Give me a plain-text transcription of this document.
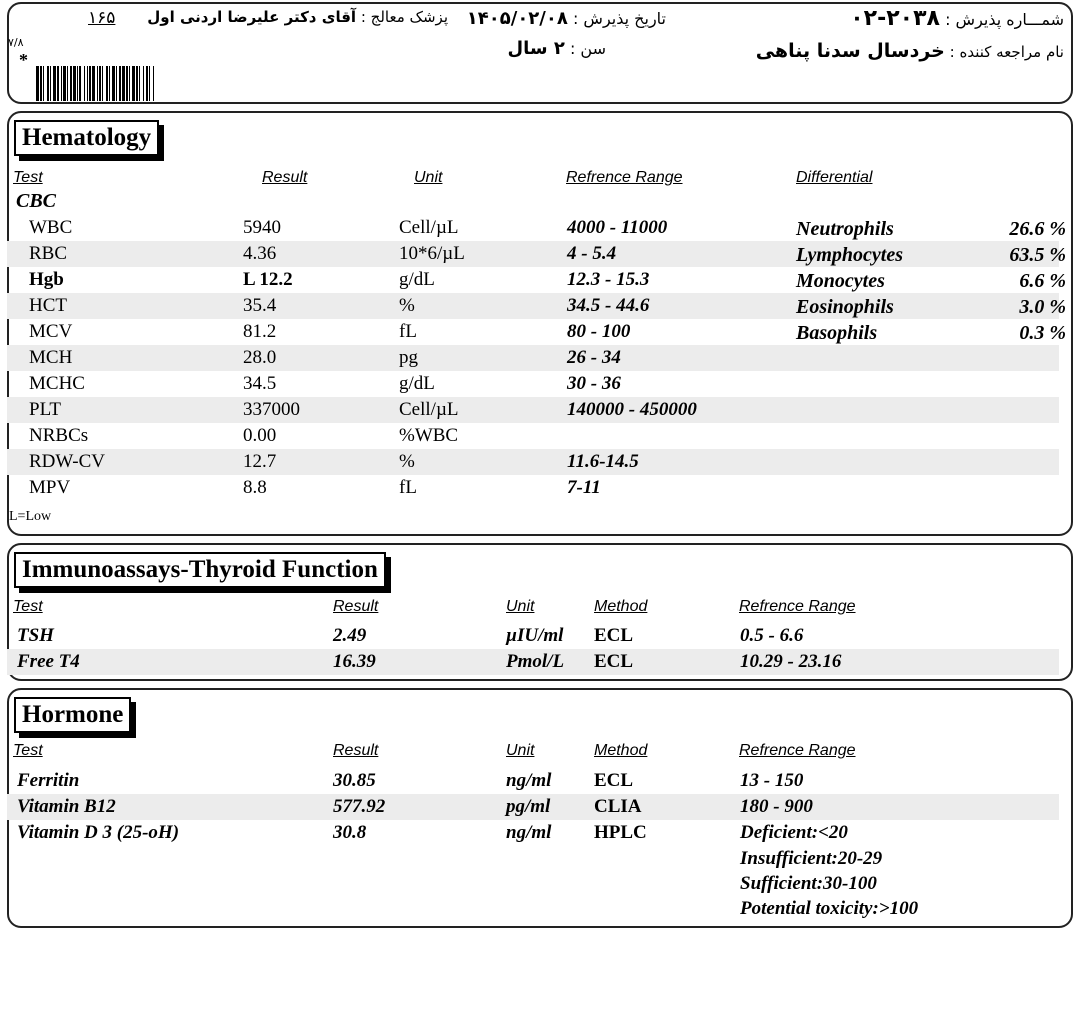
۱۶۵
۷/۸
*
پزشک معالج : آقای دکتر علیرضا اردنی اول	تاریخ پذیرش : ۱۴۰۵/۰۲/۰۸	شمـــاره پذیرش : ۲۰۳۸-۰۲
سن : ۲ سال	نام مراجعه کننده : خردسال سدنا پناهی
Hematology
Test	Result	Unit	Refrence Range	Differential
CBC
WBC	5940	Cell/µL	4000 - 11000
RBC	4.36	10*6/µL	4 - 5.4
Hgb	L 12.2	g/dL	12.3 - 15.3
HCT	35.4	%	34.5 - 44.6
MCV	81.2	fL	80 - 100
MCH	28.0	pg	26 - 34
MCHC	34.5	g/dL	30 - 36
PLT	337000	Cell/µL	140000 - 450000
NRBCs	0.00	%WBC
RDW-CV	12.7	%	11.6-14.5
MPV	8.8	fL	7-11
Neutrophils	26.6 %
Lymphocytes	63.5 %
Monocytes	6.6 %
Eosinophils	3.0 %
Basophils	0.3 %
L=Low
Immunoassays-Thyroid Function
Test	Result	Unit	Method	Refrence Range
TSH	2.49	µIU/ml ECL	0.5 - 6.6
Free T4	16.39	Pmol/L ECL	10.29 - 23.16
Hormone
Test	Result	Unit	Method	Refrence Range
Ferritin	30.85	ng/ml ECL	13 - 150
Vitamin B12	577.92	pg/ml CLIA	180 - 900
Vitamin D 3 (25-oH)	30.8	ng/ml HPLC	Deficient:<20
Insufficient:20-29
Sufficient:30-100
Potential toxicity:>100
